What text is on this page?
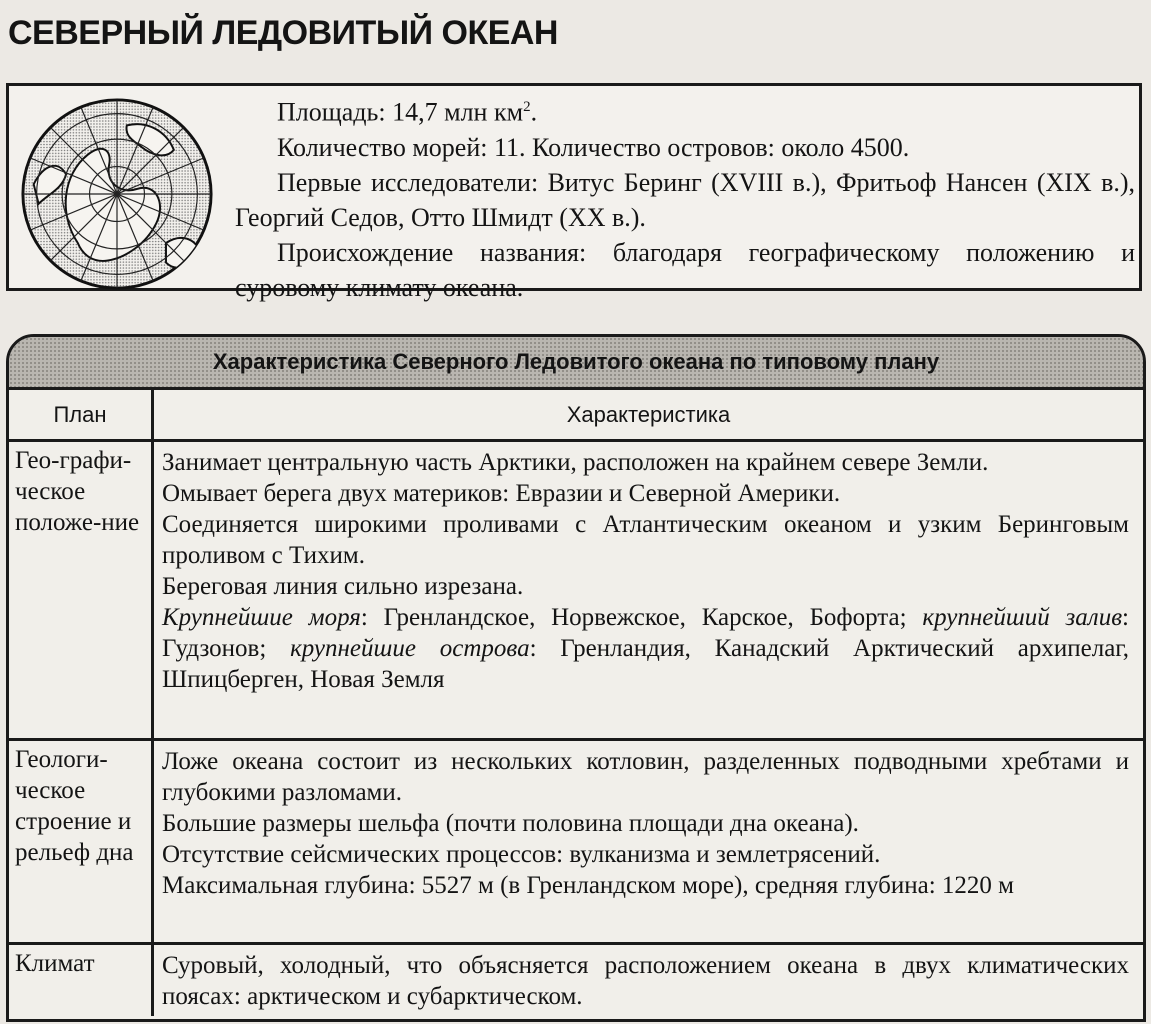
СЕВЕРНЫЙ ЛЕДОВИТЫЙ ОКЕАН

Площадь: 14,7 млн $км^2$.

Количество морей: 11. Количество островов: около 4500.

Первые исследователи: Витус Беринг (XVIII в.), Фритьоф Нансен (XIX в.), Георгий Седов, Отто Шмидт (XX в.).

Происхождение названия: благодаря географическому положению и суровому климату океана.

Характеристика Северного Ледовитого океана по типовому плану
План	Характеристика
Гео-графи-ческое положе-ние

Занимает центральную часть Арктики, расположен на крайнем севере Земли.

Омывает берега двух материков: Евразии и Северной Америки.

Соединяется широкими проливами с Атлантическим океаном и узким Беринговым проливом с Тихим.

Береговая линия сильно изрезана.

Крупнейшие моря: Гренландское, Норвежское, Карское, Бофорта; крупнейший залив: Гудзонов; крупнейшие острова: Гренландия, Канадский Арктический архипелаг, Шпицберген, Новая Земля

Геологи-ческое строение и рельеф дна

Ложе океана состоит из нескольких котловин, разделенных подводными хребтами и глубокими разломами.

Большие размеры шельфа (почти половина площади дна океана).

Отсутствие сейсмических процессов: вулканизма и землетрясений.

Максимальная глубина: 5527 м (в Гренландском море), средняя глубина: 1220 м

Климат	Суровый, холодный, что объясняется расположением океана в двух климатических поясах: арктическом и субарктическом.
